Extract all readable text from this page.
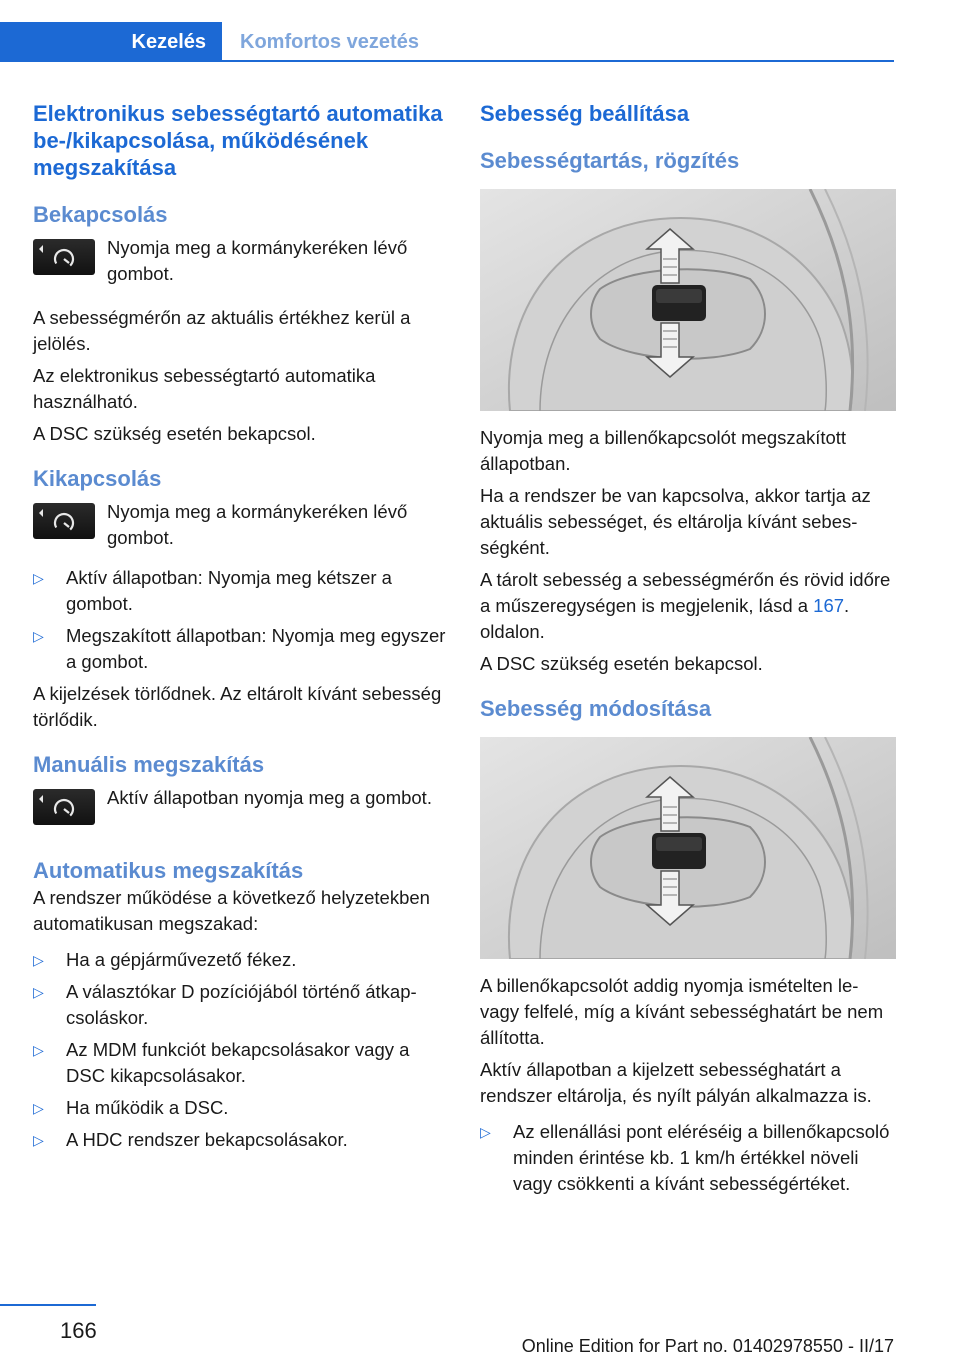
Kezelés	Komfortos vezetés
Elektronikus sebességtartó automatika be-/kikapcsolása, működésének megszakítása
Bekapcsolás

Nyomja meg a kormánykeréken lévő gombot.

A sebességmérőn az aktuális értékhez kerül a jelölés.

Az elektronikus sebességtartó automatika használható.

A DSC szükség esetén bekapcsol.

Kikapcsolás

Nyomja meg a kormánykeréken lévő gombot.

▷	Aktív állapotban: Nyomja meg kétszer a gombot.
▷	Megszakított állapotban: Nyomja meg egyszer a gombot.

A kijelzések törlődnek. Az eltárolt kívánt sebesség törlődik.

Manuális megszakítás

Aktív állapotban nyomja meg a gombot.

Automatikus megszakítás

A rendszer működése a következő helyzetekben automatikusan megszakad:

▷	Ha a gépjárművezető fékez.
▷	A választókar D pozíciójából történő átkapcsoláskor.
▷	Az MDM funkciót bekapcsolásakor vagy a DSC kikapcsolásakor.
▷	Ha működik a DSC.
▷	A HDC rendszer bekapcsolásakor.
Sebesség beállítása
Sebességtartás, rögzítés

Nyomja meg a billenőkapcsolót megszakított állapotban.

Ha a rendszer be van kapcsolva, akkor tartja az aktuális sebességet, és eltárolja kívánt sebességként.

A tárolt sebesség a sebességmérőn és rövid időre a műszeregységen is megjelenik, lásd a 167. oldalon.

A DSC szükség esetén bekapcsol.

Sebesség módosítása

A billenőkapcsolót addig nyomja ismételten le- vagy felfelé, míg a kívánt sebességhatárt be nem állította.

Aktív állapotban a kijelzett sebességhatárt a rendszer eltárolja, és nyílt pályán alkalmazza is.

▷	Az ellenállási pont eléréséig a billenőkapcsoló minden érintése kb. 1 km/h értékkel növeli vagy csökkenti a kívánt sebességértéket.
166
Online Edition for Part no. 01402978550 - II/17
